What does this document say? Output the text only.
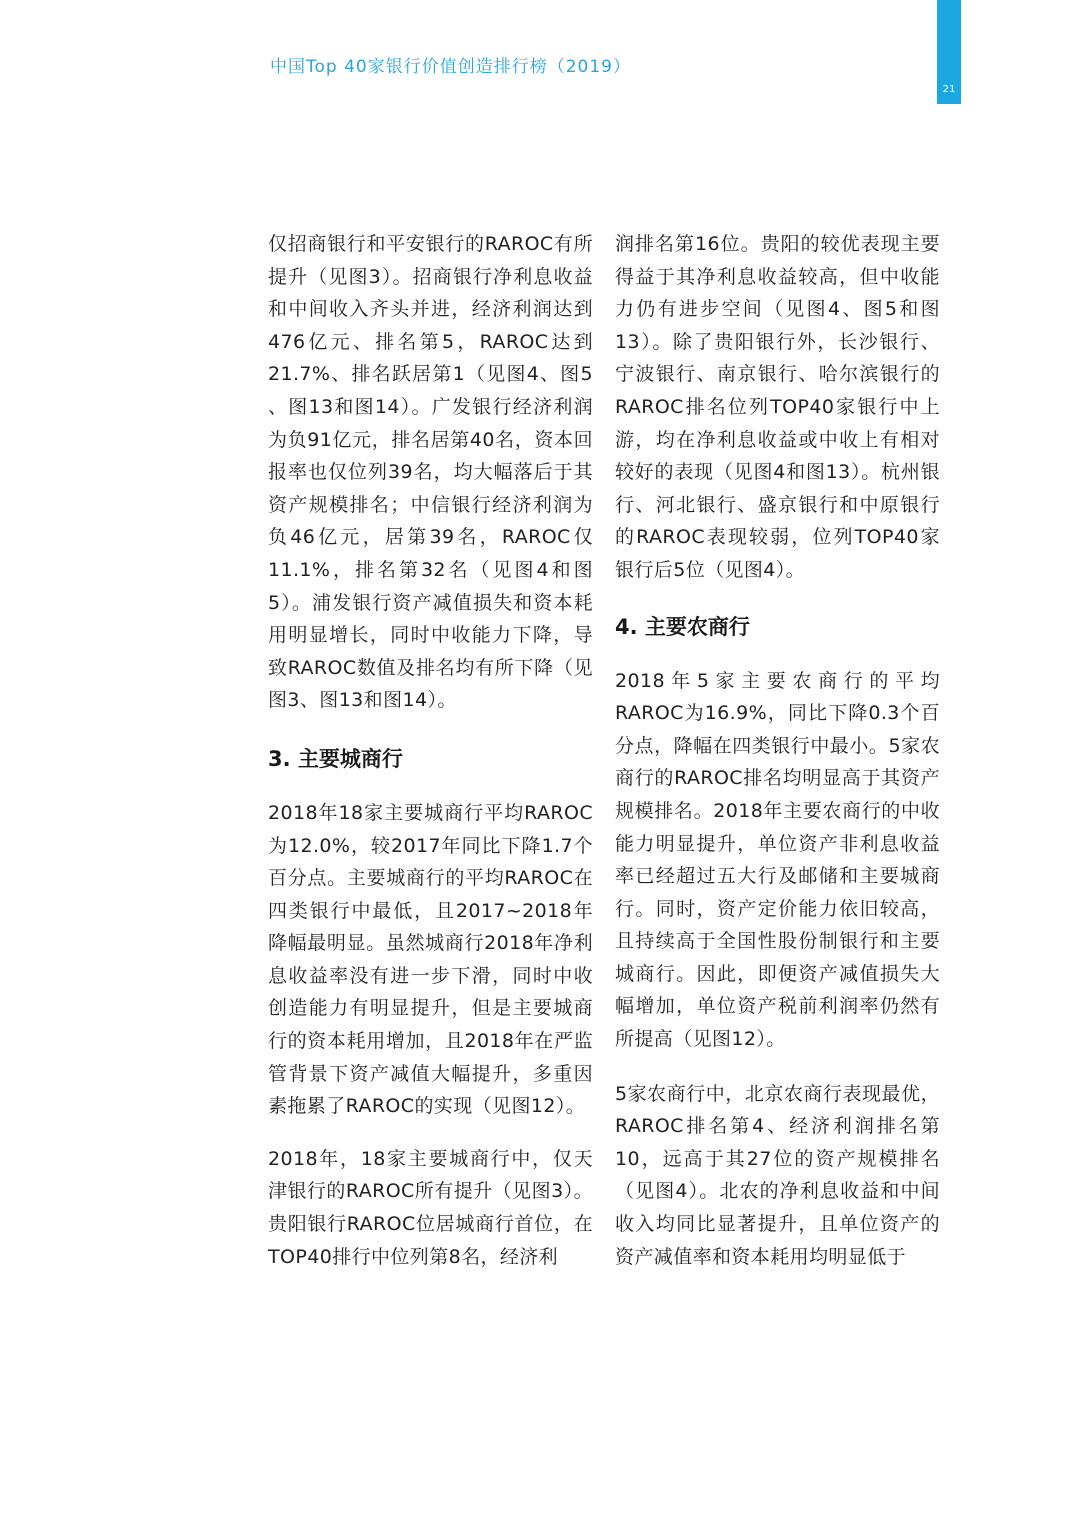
中国Top 40家银行价值创造排行榜（2019）
21

仅招商银行和平安银行的RAROC有所提升（见图3）。招商银行净利息收益和中间收入齐头并进，经济利润达到476亿元、排名第5，RAROC达到21.7%、排名跃居第1（见图4、图5 、图13和图14）。广发银行经济利润为负91亿元，排名居第40名，资本回报率也仅位列39名，均大幅落后于其资产规模排名；中信银行经济利润为负46亿元，居第39名，RAROC仅11.1%，排名第32名（见图4和图5）。浦发银行资产减值损失和资本耗用明显增长，同时中收能力下降，导致RAROC数值及排名均有所下降（见图3、图13和图14）。

3. 主要城商行

2018年18家主要城商行平均RAROC为12.0%，较2017年同比下降1.7个百分点。主要城商行的平均RAROC在四类银行中最低，且2017~2018年降幅最明显。虽然城商行2018年净利息收益率没有进一步下滑，同时中收创造能力有明显提升，但是主要城商行的资本耗用增加，且2018年在严监管背景下资产减值大幅提升，多重因素拖累了RAROC的实现（见图12）。

2018年，18家主要城商行中，仅天津银行的RAROC所有提升（见图3）。贵阳银行RAROC位居城商行首位，在TOP40排行中位列第8名，经济利

润排名第16位。贵阳的较优表现主要得益于其净利息收益较高，但中收能力仍有进步空间（见图4、图5和图13）。除了贵阳银行外，长沙银行、宁波银行、南京银行、哈尔滨银行的RAROC排名位列TOP40家银行中上游，均在净利息收益或中收上有相对较好的表现（见图4和图13）。杭州银行、河北银行、盛京银行和中原银行的RAROC表现较弱，位列TOP40家银行后5位（见图4）。

4. 主要农商行

2018年5家主要农商行的平均RAROC为16.9%，同比下降0.3个百分点，降幅在四类银行中最小。5家农商行的RAROC排名均明显高于其资产规模排名。2018年主要农商行的中收能力明显提升，单位资产非利息收益率已经超过五大行及邮储和主要城商行。同时，资产定价能力依旧较高，且持续高于全国性股份制银行和主要城商行。因此，即便资产减值损失大幅增加，单位资产税前利润率仍然有所提高（见图12）。

5家农商行中，北京农商行表现最优，RAROC排名第4、经济利润排名第10，远高于其27位的资产规模排名（见图4）。北农的净利息收益和中间收入均同比显著提升，且单位资产的资产减值率和资本耗用均明显低于
